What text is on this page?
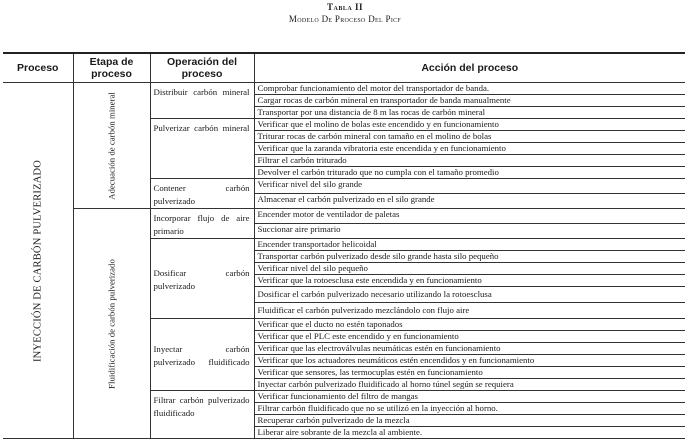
Tabla II
Modelo De Proceso Del Picf
Proceso	Etapa de proceso	Operación del proceso	Acción del proceso

INYECCIÓN DE CARBÓN PULVERIZADO	Adecuación de carbón mineral	Distribuir carbón mineral	Comprobar funcionamiento del motor del transportador de banda.
			Cargar rocas de carbón mineral en transportador de banda manualmente
			Transportar por una distancia de 8 m las rocas de carbón mineral
		Pulverizar carbón mineral	Verificar que el molino de bolas este encendido y en funcionamiento
			Triturar rocas de carbón mineral con tamaño en el molino de bolas
			Verificar que la zaranda vibratoria este encendida y en funcionamiento
			Filtrar el carbón triturado
			Devolver el carbón triturado que no cumpla con el tamaño promedio
		Contener carbón pulverizado	Verificar nivel del silo grande
			Almacenar el carbón pulverizado en el silo grande

	Fluidificación de carbón pulverizado	Incorporar flujo de aire primario	Encender motor de ventilador de paletas
			Succionar aire primario
		Dosificar carbón pulverizado	Encender transportador helicoidal
			Transportar carbón pulverizado desde silo grande hasta silo pequeño
			Verificar nivel del silo pequeño
			Verificar que la rotoesclusa este encendida y en funcionamiento
			Dosificar el carbón pulverizado necesario utilizando la rotoesclusa
			Fluidificar el carbón pulverizado mezclándolo con flujo aire
		Inyectar carbón pulverizado fluidificado	Verificar que el ducto no estén taponados
			Verificar que el PLC este encendido y en funcionamiento
			Verificar que las electroválvulas neumáticas estén en funcionamiento
			Verificar que los actuadores neumáticos estén encendidos y en funcionamiento
			Verificar que sensores, las termocuplas estén en funcionamiento
			Inyectar carbón pulverizado fluidificado al horno túnel según se requiera
		Filtrar carbón pulverizado fluidificado	Verificar funcionamiento del filtro de mangas
			Filtrar carbón fluidificado que no se utilizó en la inyección al horno.
			Recuperar carbón pulverizado de la mezcla
			Liberar aire sobrante de la mezcla al ambiente.
